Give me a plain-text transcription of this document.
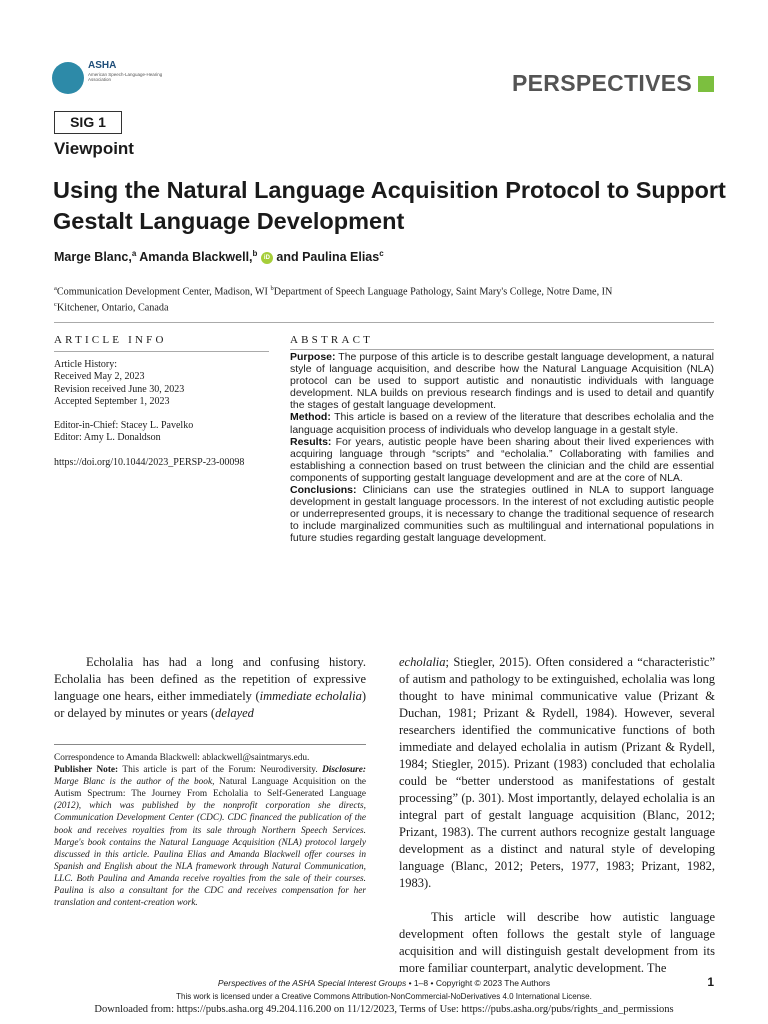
ASHA
American Speech-Language-Hearing Association	PERSPECTIVES
SIG 1
Viewpoint
Using the Natural Language Acquisition Protocol to Support Gestalt Language Development
Marge Blanc,$^a$ Amanda Blackwell,$^b$ iD and Paulina Elias$^c$
$^a$Communication Development Center, Madison, WI $^b$Department of Speech Language Pathology, Saint Mary's College, Notre Dame, IN
$^c$Kitchener, Ontario, Canada
ARTICLE INFO
Article History:
Received May 2, 2023
Revision received June 30, 2023
Accepted September 1, 2023
Editor-in-Chief: Stacey L. Pavelko
Editor: Amy L. Donaldson
https://doi.org/10.1044/2023_PERSP-23-00098
ABSTRACT
Purpose: The purpose of this article is to describe gestalt language development, a natural style of language acquisition, and describe how the Natural Language Acquisition (NLA) protocol can be used to support autistic and nonautistic individuals with language development. NLA builds on previous research findings and is used to detail and quantify the stages of gestalt language development.
Method: This article is based on a review of the literature that describes echolalia and the language acquisition process of individuals who develop language in a gestalt style.
Results: For years, autistic people have been sharing about their lived experiences with acquiring language through “scripts” and “echolalia.” Collaborating with families and establishing a connection based on trust between the clinician and the child are essential components of supporting gestalt language development and are at the core of NLA.
Conclusions: Clinicians can use the strategies outlined in NLA to support language development in gestalt language processors. In the interest of not excluding autistic people or underrepresented groups, it is necessary to change the traditional sequence of research to include marginalized communities such as multilingual and international populations in future studies regarding gestalt language development.
Echolalia has had a long and confusing history. Echolalia has been defined as the repetition of expressive language one hears, either immediately (immediate echolalia) or delayed by minutes or years (delayed
Correspondence to Amanda Blackwell: ablackwell@saintmarys.edu.
Publisher Note: This article is part of the Forum: Neurodiversity. Disclosure: Marge Blanc is the author of the book, Natural Language Acquisition on the Autism Spectrum: The Journey From Echolalia to Self-Generated Language (2012), which was published by the nonprofit corporation she directs, Communication Development Center (CDC). CDC financed the publication of the book and receives royalties from its sale through Northern Speech Services. Marge's book contains the Natural Language Acquisition (NLA) protocol largely discussed in this article. Paulina Elias and Amanda Blackwell offer courses in Spanish and English about the NLA framework through Natural Communication, LLC. Both Paulina and Amanda receive royalties from the sale of their courses. Paulina is also a consultant for the CDC and receives compensation for her translation and content-creation work.

echolalia; Stiegler, 2015). Often considered a “characteristic” of autism and pathology to be extinguished, echolalia was long thought to have minimal communicative value (Prizant & Duchan, 1981; Prizant & Rydell, 1984). However, several researchers identified the communicative functions of both immediate and delayed echolalia in autism (Prizant & Rydell, 1984; Stiegler, 2015). Prizant (1983) concluded that echolalia could be “better understood as manifestations of gestalt processing” (p. 301). Most importantly, delayed echolalia is an integral part of gestalt language acquisition (Blanc, 2012; Prizant, 1983). The current authors recognize gestalt language development as a distinct and natural style of developing language (Blanc, 2012; Peters, 1977, 1983; Prizant, 1982, 1983).

This article will describe how autistic language development often follows the gestalt style of language acquisition and will distinguish gestalt development from its more familiar counterpart, analytic development. The

Perspectives of the ASHA Special Interest Groups • 1–8 • Copyright © 2023 The Authors	1
This work is licensed under a Creative Commons Attribution-NonCommercial-NoDerivatives 4.0 International License.
Downloaded from: https://pubs.asha.org 49.204.116.200 on 11/12/2023, Terms of Use: https://pubs.asha.org/pubs/rights_and_permissions
